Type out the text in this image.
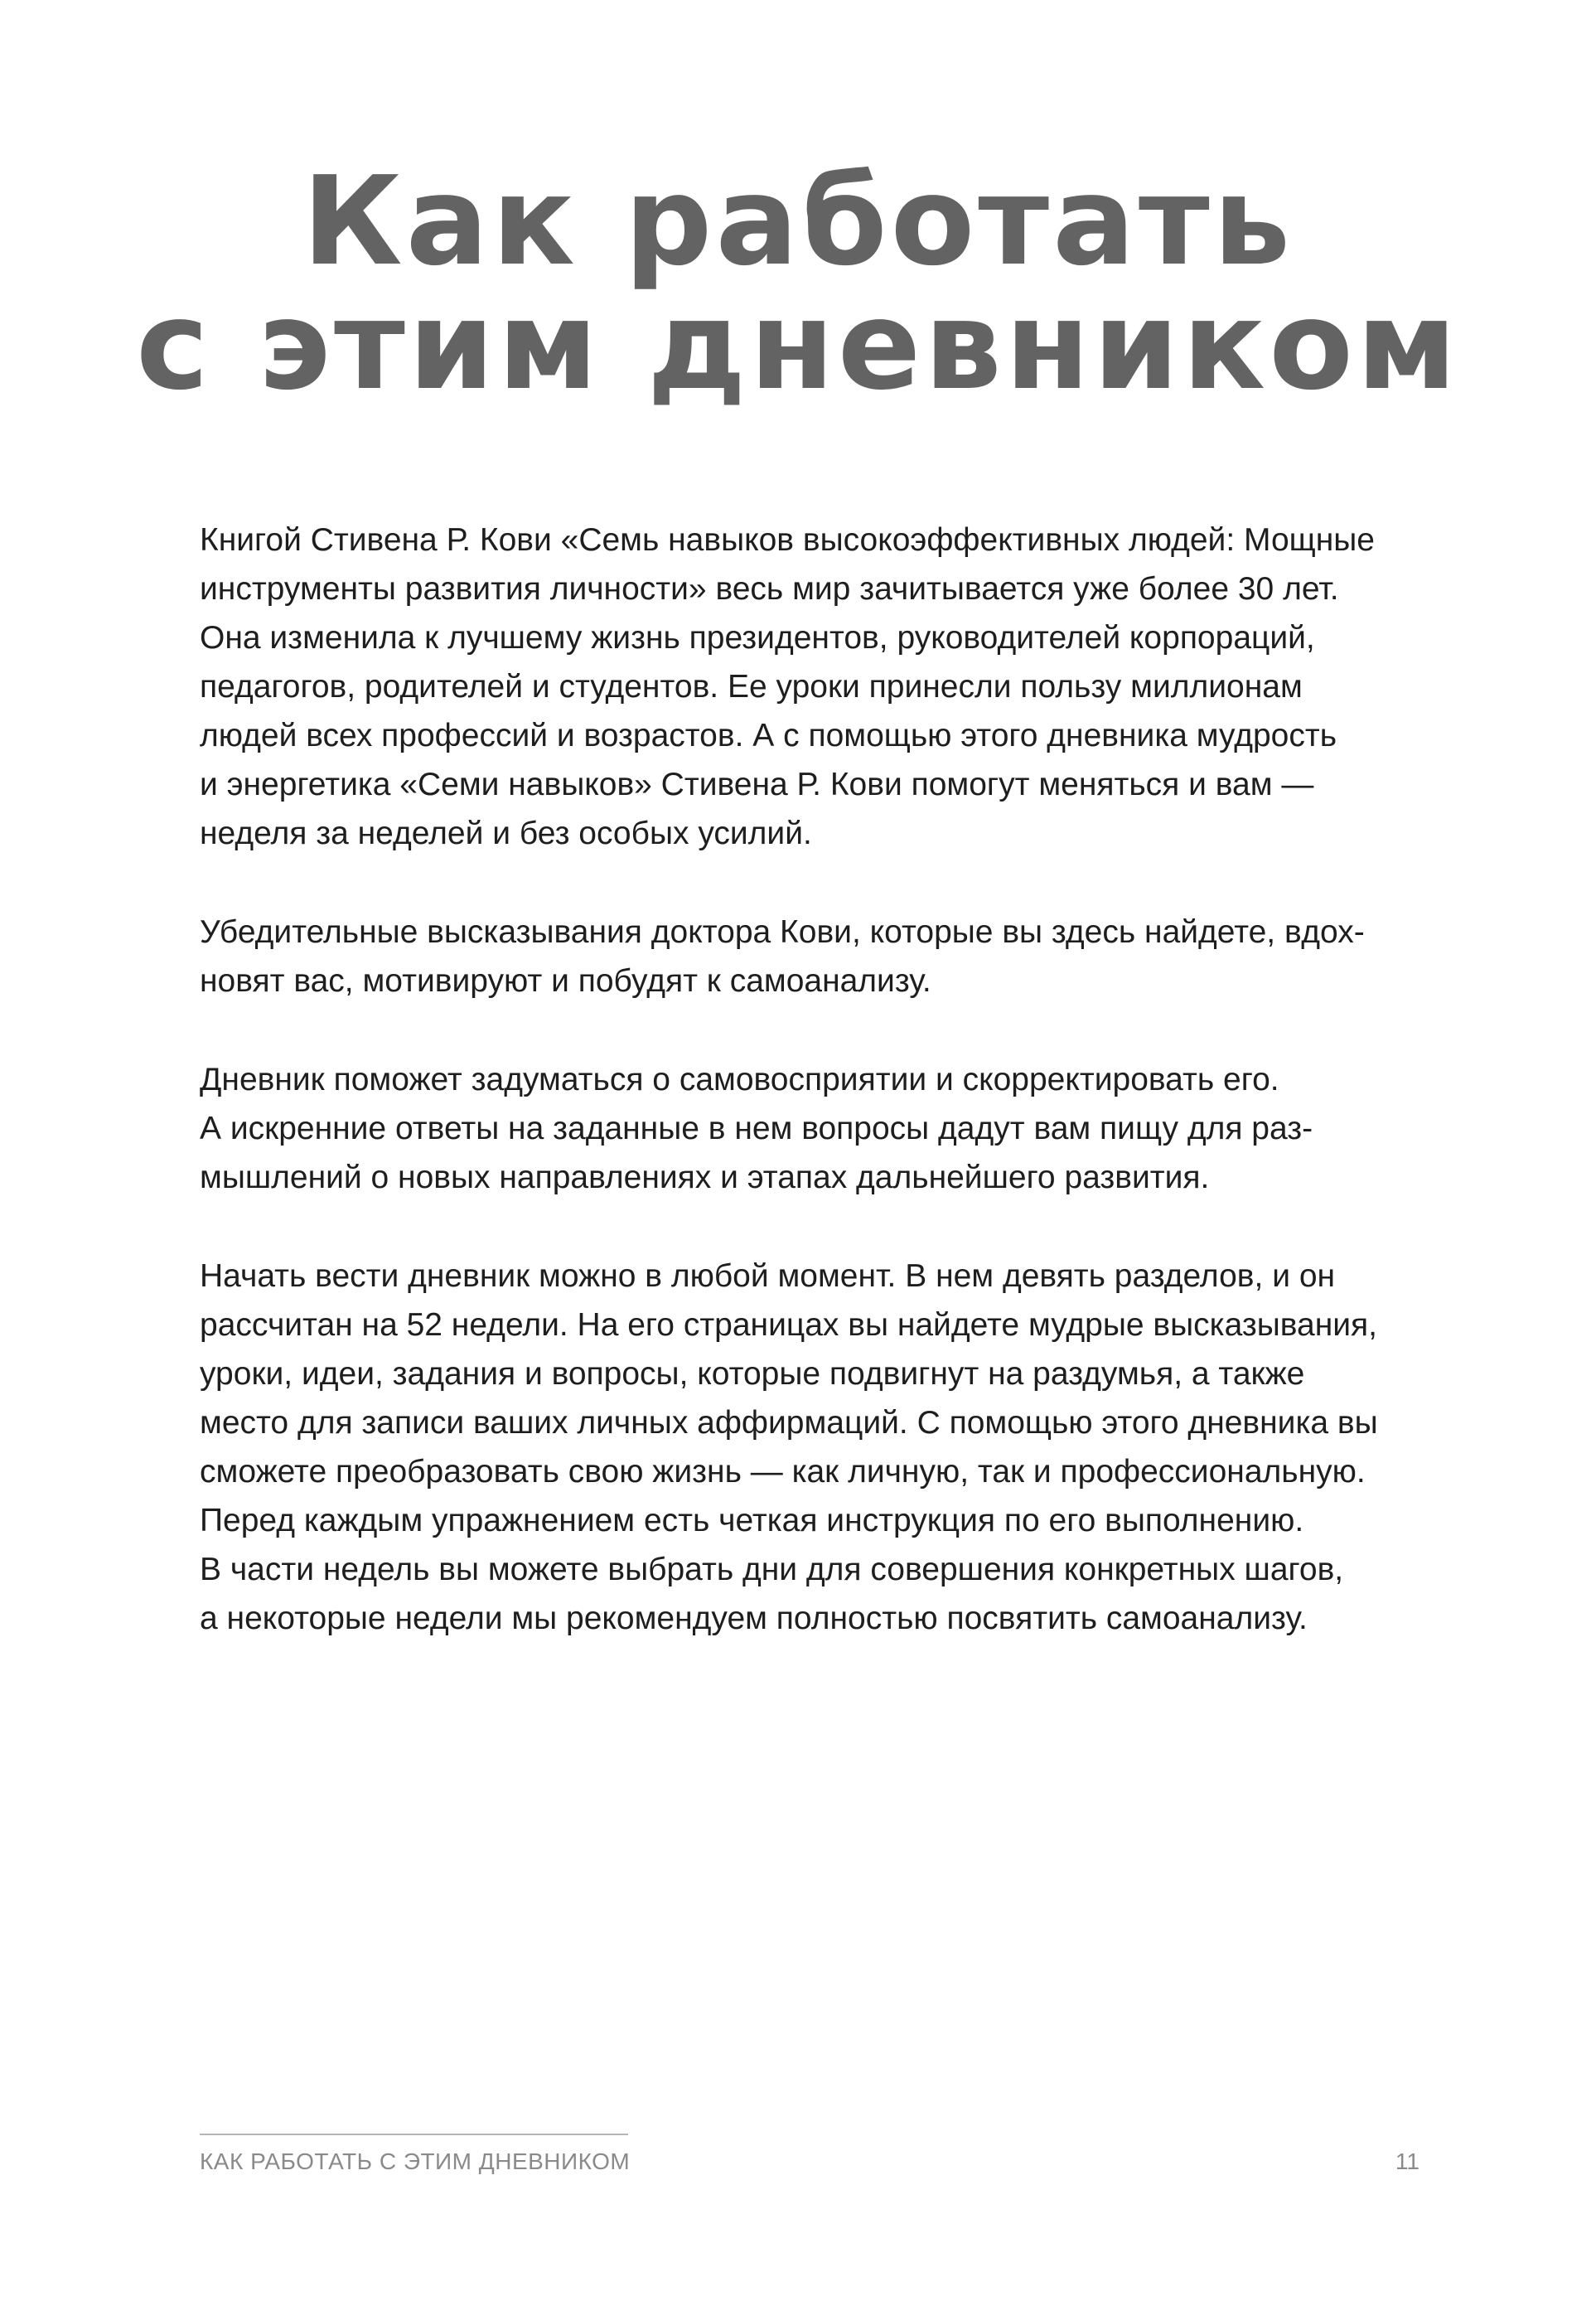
Как работать
с этим дневником

Книгой Стивена Р. Кови «Семь навыков высокоэффективных людей: Мощные
инструменты развития личности» весь мир зачитывается уже более 30 лет.
Она изменила к лучшему жизнь президентов, руководителей корпораций,
педагогов, родителей и студентов. Ее уроки принесли пользу миллионам
людей всех профессий и возрастов. А с помощью этого дневника мудрость
и энергетика «Семи навыков» Стивена Р. Кови помогут меняться и вам —
неделя за неделей и без особых усилий.

Убедительные высказывания доктора Кови, которые вы здесь найдете, вдох-
новят вас, мотивируют и побудят к самоанализу.

Дневник поможет задуматься о самовосприятии и скорректировать его.
А искренние ответы на заданные в нем вопросы дадут вам пищу для раз-
мышлений о новых направлениях и этапах дальнейшего развития.

Начать вести дневник можно в любой момент. В нем девять разделов, и он
рассчитан на 52 недели. На его страницах вы найдете мудрые высказывания,
уроки, идеи, задания и вопросы, которые подвигнут на раздумья, а также
место для записи ваших личных аффирмаций. С помощью этого дневника вы
сможете преобразовать свою жизнь — как личную, так и профессиональную.
Перед каждым упражнением есть четкая инструкция по его выполнению.
В части недель вы можете выбрать дни для совершения конкретных шагов,
а некоторые недели мы рекомендуем полностью посвятить самоанализу.

КАК РАБОТАТЬ С ЭТИМ ДНЕВНИКОМ	11
